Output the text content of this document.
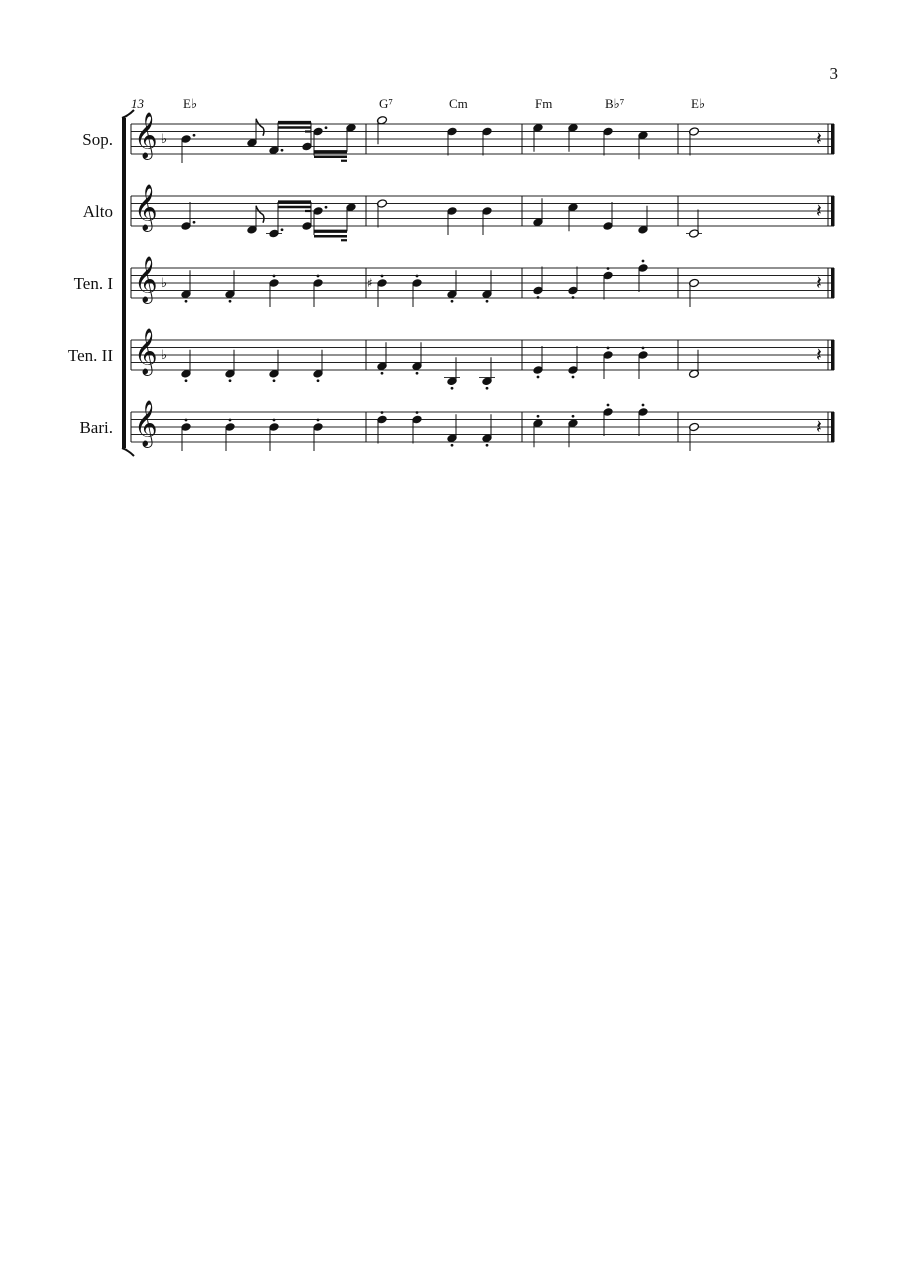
3
13	E♭	G⁷	Cm	Fm	B♭⁷	E♭
Sop. 𝄞 ♭	𝄽
Alto 𝄞	𝄽
Ten. I 𝄞 ♭	♯	𝄽
Ten. II 𝄞 ♭	𝄽
Bari. 𝄞	𝄽
